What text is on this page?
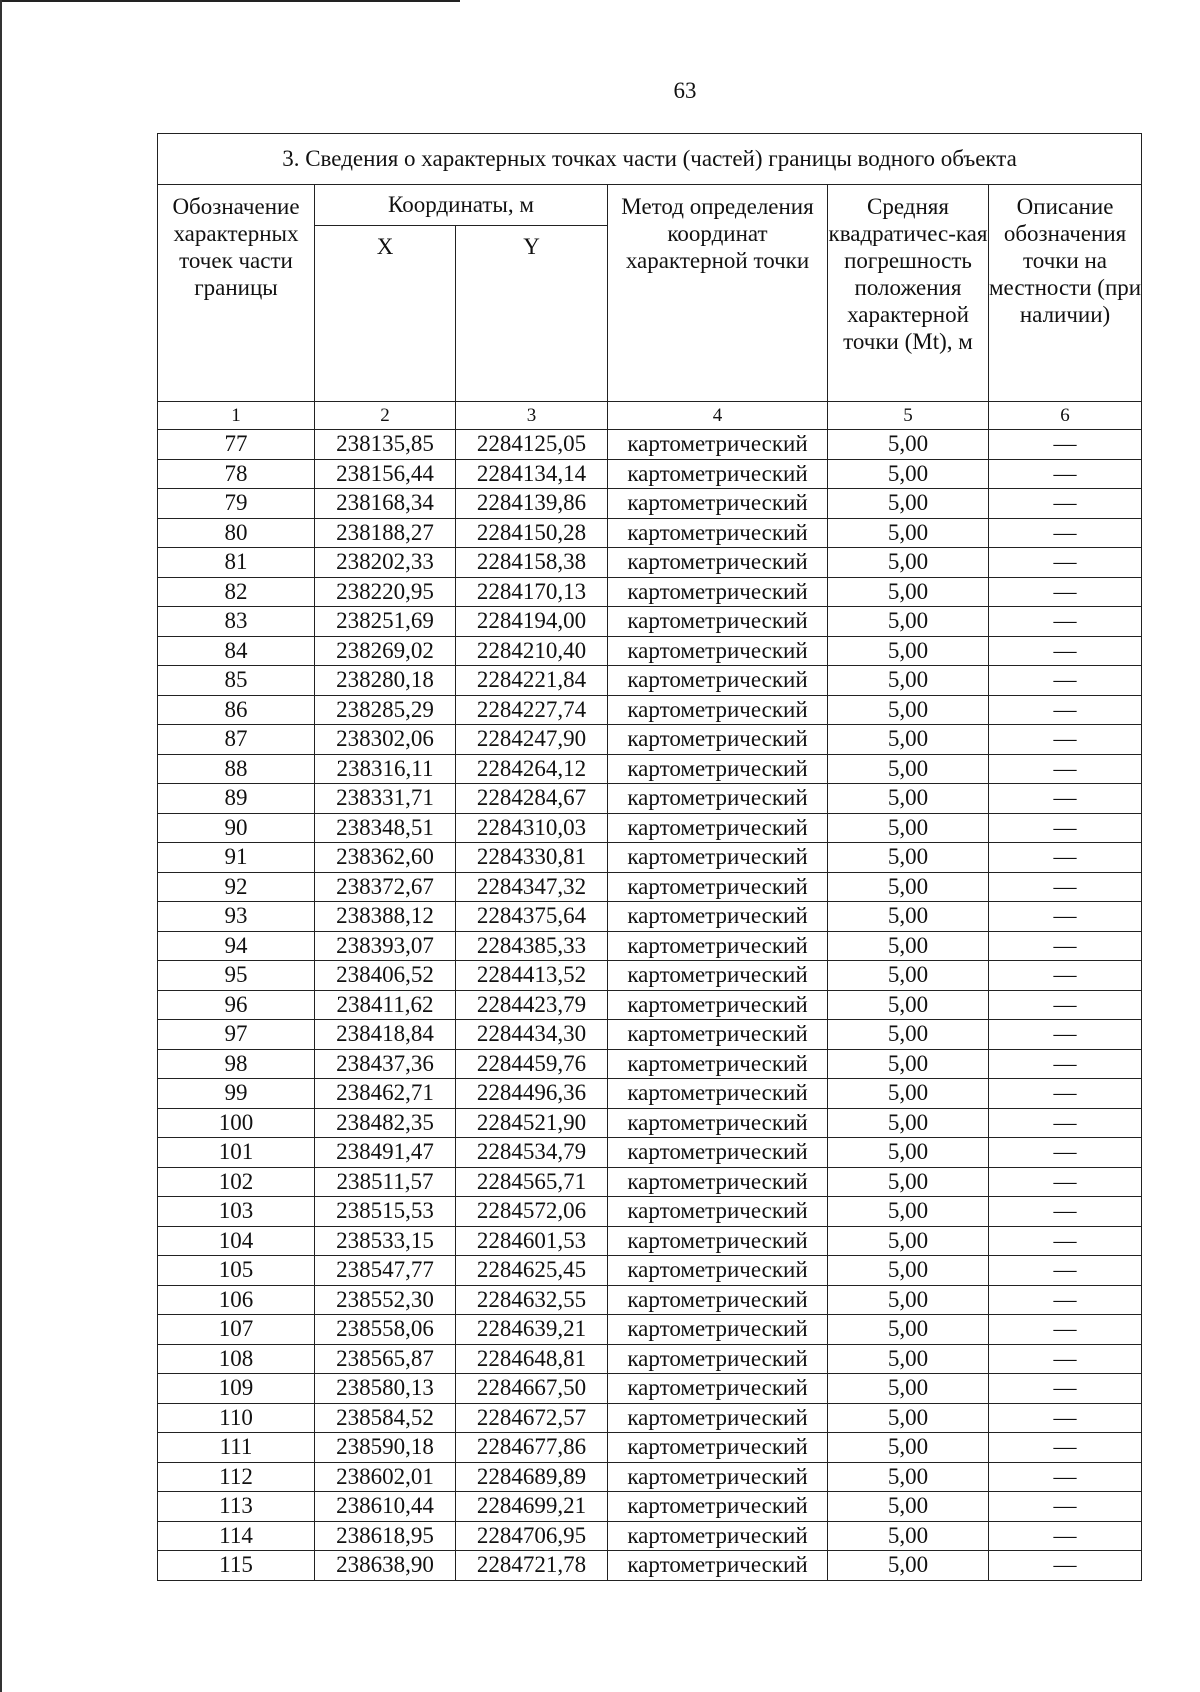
63
3. Сведения о характерных точках части (частей) границы водного объекта					
Обозначение характерных точек части границы	Координаты, м		Метод определения координат характерной точки	Средняя квадратичес-кая погрешность положения характерной точки (Mt), м	Описание обозначения точки на местности (при наличии)
	X	Y			
1	2	3	4	5	6
77	238135,85	2284125,05	картометрический	5,00	—
78	238156,44	2284134,14	картометрический	5,00	—
79	238168,34	2284139,86	картометрический	5,00	—
80	238188,27	2284150,28	картометрический	5,00	—
81	238202,33	2284158,38	картометрический	5,00	—
82	238220,95	2284170,13	картометрический	5,00	—
83	238251,69	2284194,00	картометрический	5,00	—
84	238269,02	2284210,40	картометрический	5,00	—
85	238280,18	2284221,84	картометрический	5,00	—
86	238285,29	2284227,74	картометрический	5,00	—
87	238302,06	2284247,90	картометрический	5,00	—
88	238316,11	2284264,12	картометрический	5,00	—
89	238331,71	2284284,67	картометрический	5,00	—
90	238348,51	2284310,03	картометрический	5,00	—
91	238362,60	2284330,81	картометрический	5,00	—
92	238372,67	2284347,32	картометрический	5,00	—
93	238388,12	2284375,64	картометрический	5,00	—
94	238393,07	2284385,33	картометрический	5,00	—
95	238406,52	2284413,52	картометрический	5,00	—
96	238411,62	2284423,79	картометрический	5,00	—
97	238418,84	2284434,30	картометрический	5,00	—
98	238437,36	2284459,76	картометрический	5,00	—
99	238462,71	2284496,36	картометрический	5,00	—
100	238482,35	2284521,90	картометрический	5,00	—
101	238491,47	2284534,79	картометрический	5,00	—
102	238511,57	2284565,71	картометрический	5,00	—
103	238515,53	2284572,06	картометрический	5,00	—
104	238533,15	2284601,53	картометрический	5,00	—
105	238547,77	2284625,45	картометрический	5,00	—
106	238552,30	2284632,55	картометрический	5,00	—
107	238558,06	2284639,21	картометрический	5,00	—
108	238565,87	2284648,81	картометрический	5,00	—
109	238580,13	2284667,50	картометрический	5,00	—
110	238584,52	2284672,57	картометрический	5,00	—
111	238590,18	2284677,86	картометрический	5,00	—
112	238602,01	2284689,89	картометрический	5,00	—
113	238610,44	2284699,21	картометрический	5,00	—
114	238618,95	2284706,95	картометрический	5,00	—
115	238638,90	2284721,78	картометрический	5,00	—
